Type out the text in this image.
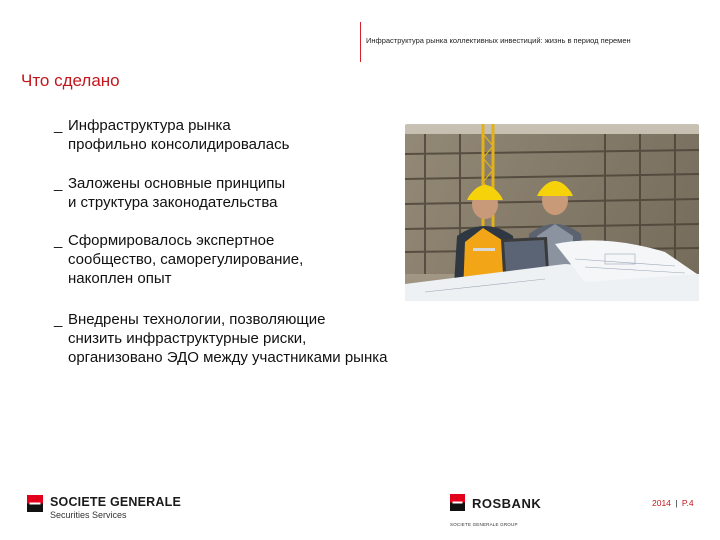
Инфраструктура рынка коллективных инвестиций: жизнь в период перемен
Что сделано
_ Инфраструктура рынка
профильно консолидировалась
_ Заложены основные принципы
и структура законодательства
_ Сформировалось экспертное
сообщество, саморегулирование,
накоплен опыт
_ Внедрены технологии, позволяющие
снизить инфраструктурные риски,
организовано ЭДО между участниками рынка
SOCIETE GENERALE
Securities Services
ROSBANK
SOCIETE GENERALE GROUP
2014 | P.4
